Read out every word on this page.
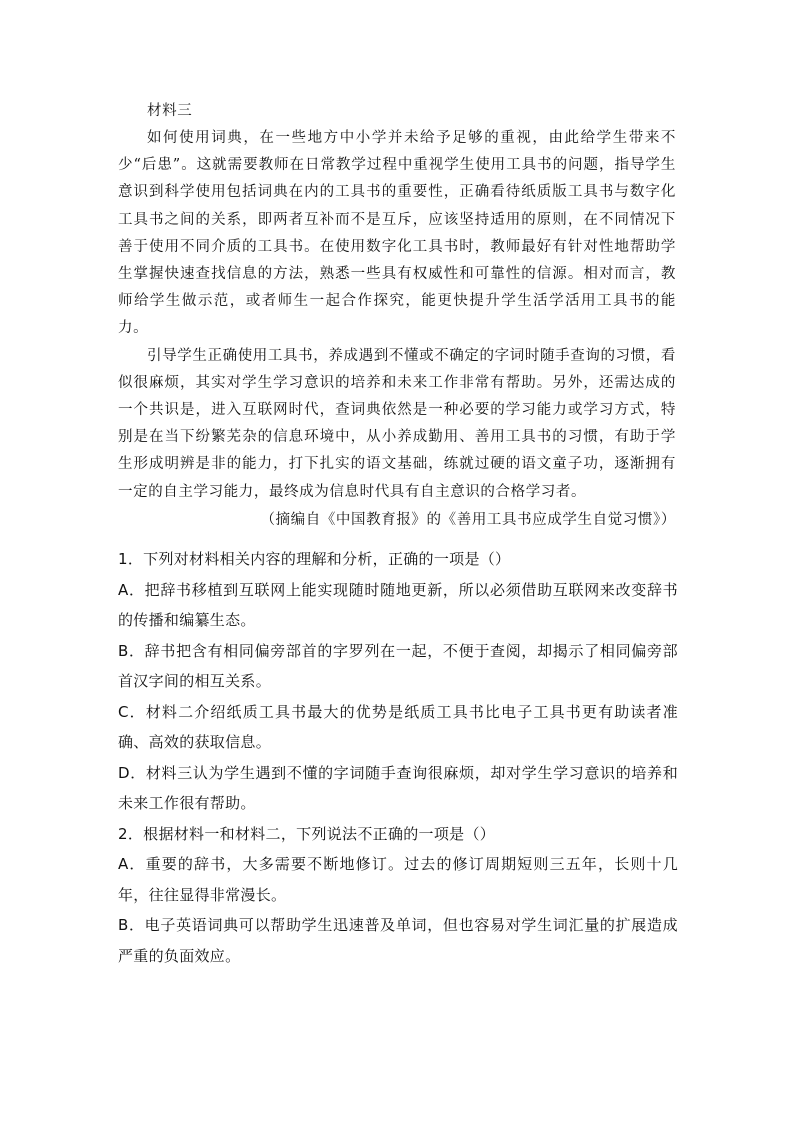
材料三

如何使用词典，在一些地方中小学并未给予足够的重视，由此给学生带来不少“后患”。这就需要教师在日常教学过程中重视学生使用工具书的问题，指导学生意识到科学使用包括词典在内的工具书的重要性，正确看待纸质版工具书与数字化工具书之间的关系，即两者互补而不是互斥，应该坚持适用的原则，在不同情况下善于使用不同介质的工具书。在使用数字化工具书时，教师最好有针对性地帮助学生掌握快速查找信息的方法，熟悉一些具有权威性和可靠性的信源。相对而言，教师给学生做示范，或者师生一起合作探究，能更快提升学生活学活用工具书的能力。

引导学生正确使用工具书，养成遇到不懂或不确定的字词时随手查询的习惯，看似很麻烦，其实对学生学习意识的培养和未来工作非常有帮助。另外，还需达成的一个共识是，进入互联网时代，查词典依然是一种必要的学习能力或学习方式，特别是在当下纷繁芜杂的信息环境中，从小养成勤用、善用工具书的习惯，有助于学生形成明辨是非的能力，打下扎实的语文基础，练就过硬的语文童子功，逐渐拥有一定的自主学习能力，最终成为信息时代具有自主意识的合格学习者。

（摘编自《中国教育报》的《善用工具书应成学生自觉习惯》）

1．下列对材料相关内容的理解和分析，正确的一项是（）

A．把辞书移植到互联网上能实现随时随地更新，所以必须借助互联网来改变辞书的传播和编纂生态。

B．辞书把含有相同偏旁部首的字罗列在一起，不便于查阅，却揭示了相同偏旁部首汉字间的相互关系。

C．材料二介绍纸质工具书最大的优势是纸质工具书比电子工具书更有助读者准确、高效的获取信息。

D．材料三认为学生遇到不懂的字词随手查询很麻烦，却对学生学习意识的培养和未来工作很有帮助。

2．根据材料一和材料二，下列说法不正确的一项是（）

A．重要的辞书，大多需要不断地修订。过去的修订周期短则三五年，长则十几年，往往显得非常漫长。

B．电子英语词典可以帮助学生迅速普及单词，但也容易对学生词汇量的扩展造成严重的负面效应。
